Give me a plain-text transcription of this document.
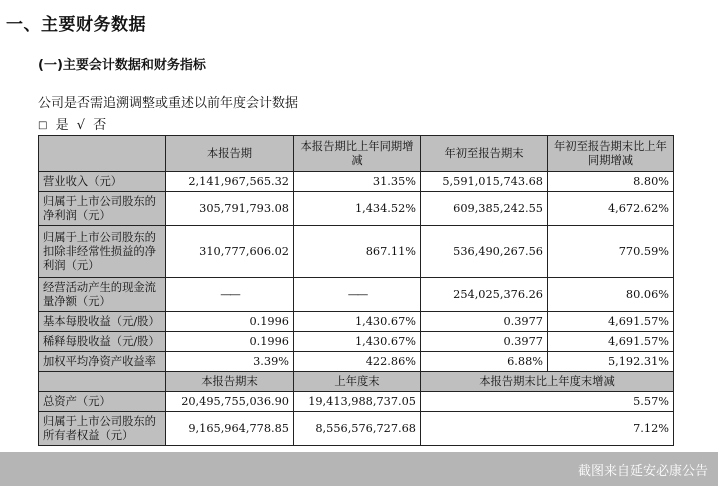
一、主要财务数据
(一)主要会计数据和财务指标
公司是否需追溯调整或重述以前年度会计数据
□ 是 √ 否
	本报告期	本报告期比上年同期增减	年初至报告期末	年初至报告期末比上年同期增减
营业收入（元）	2,141,967,565.32	31.35%	5,591,015,743.68	8.80%
归属于上市公司股东的净利润（元）	305,791,793.08	1,434.52%	609,385,242.55	4,672.62%
归属于上市公司股东的扣除非经常性损益的净利润（元）	310,777,606.02	867.11%	536,490,267.56	770.59%
经营活动产生的现金流量净额（元）	——	——	254,025,376.26	80.06%
基本每股收益（元/股）	0.1996	1,430.67%	0.3977	4,691.57%
稀释每股收益（元/股）	0.1996	1,430.67%	0.3977	4,691.57%
加权平均净资产收益率	3.39%	422.86%	6.88%	5,192.31%
	本报告期末	上年度末	本报告期末比上年度末增减	
总资产（元）	20,495,755,036.90	19,413,988,737.05	5.57%	
归属于上市公司股东的所有者权益（元）	9,165,964,778.85	8,556,576,727.68	7.12%	
截图来自延安必康公告
